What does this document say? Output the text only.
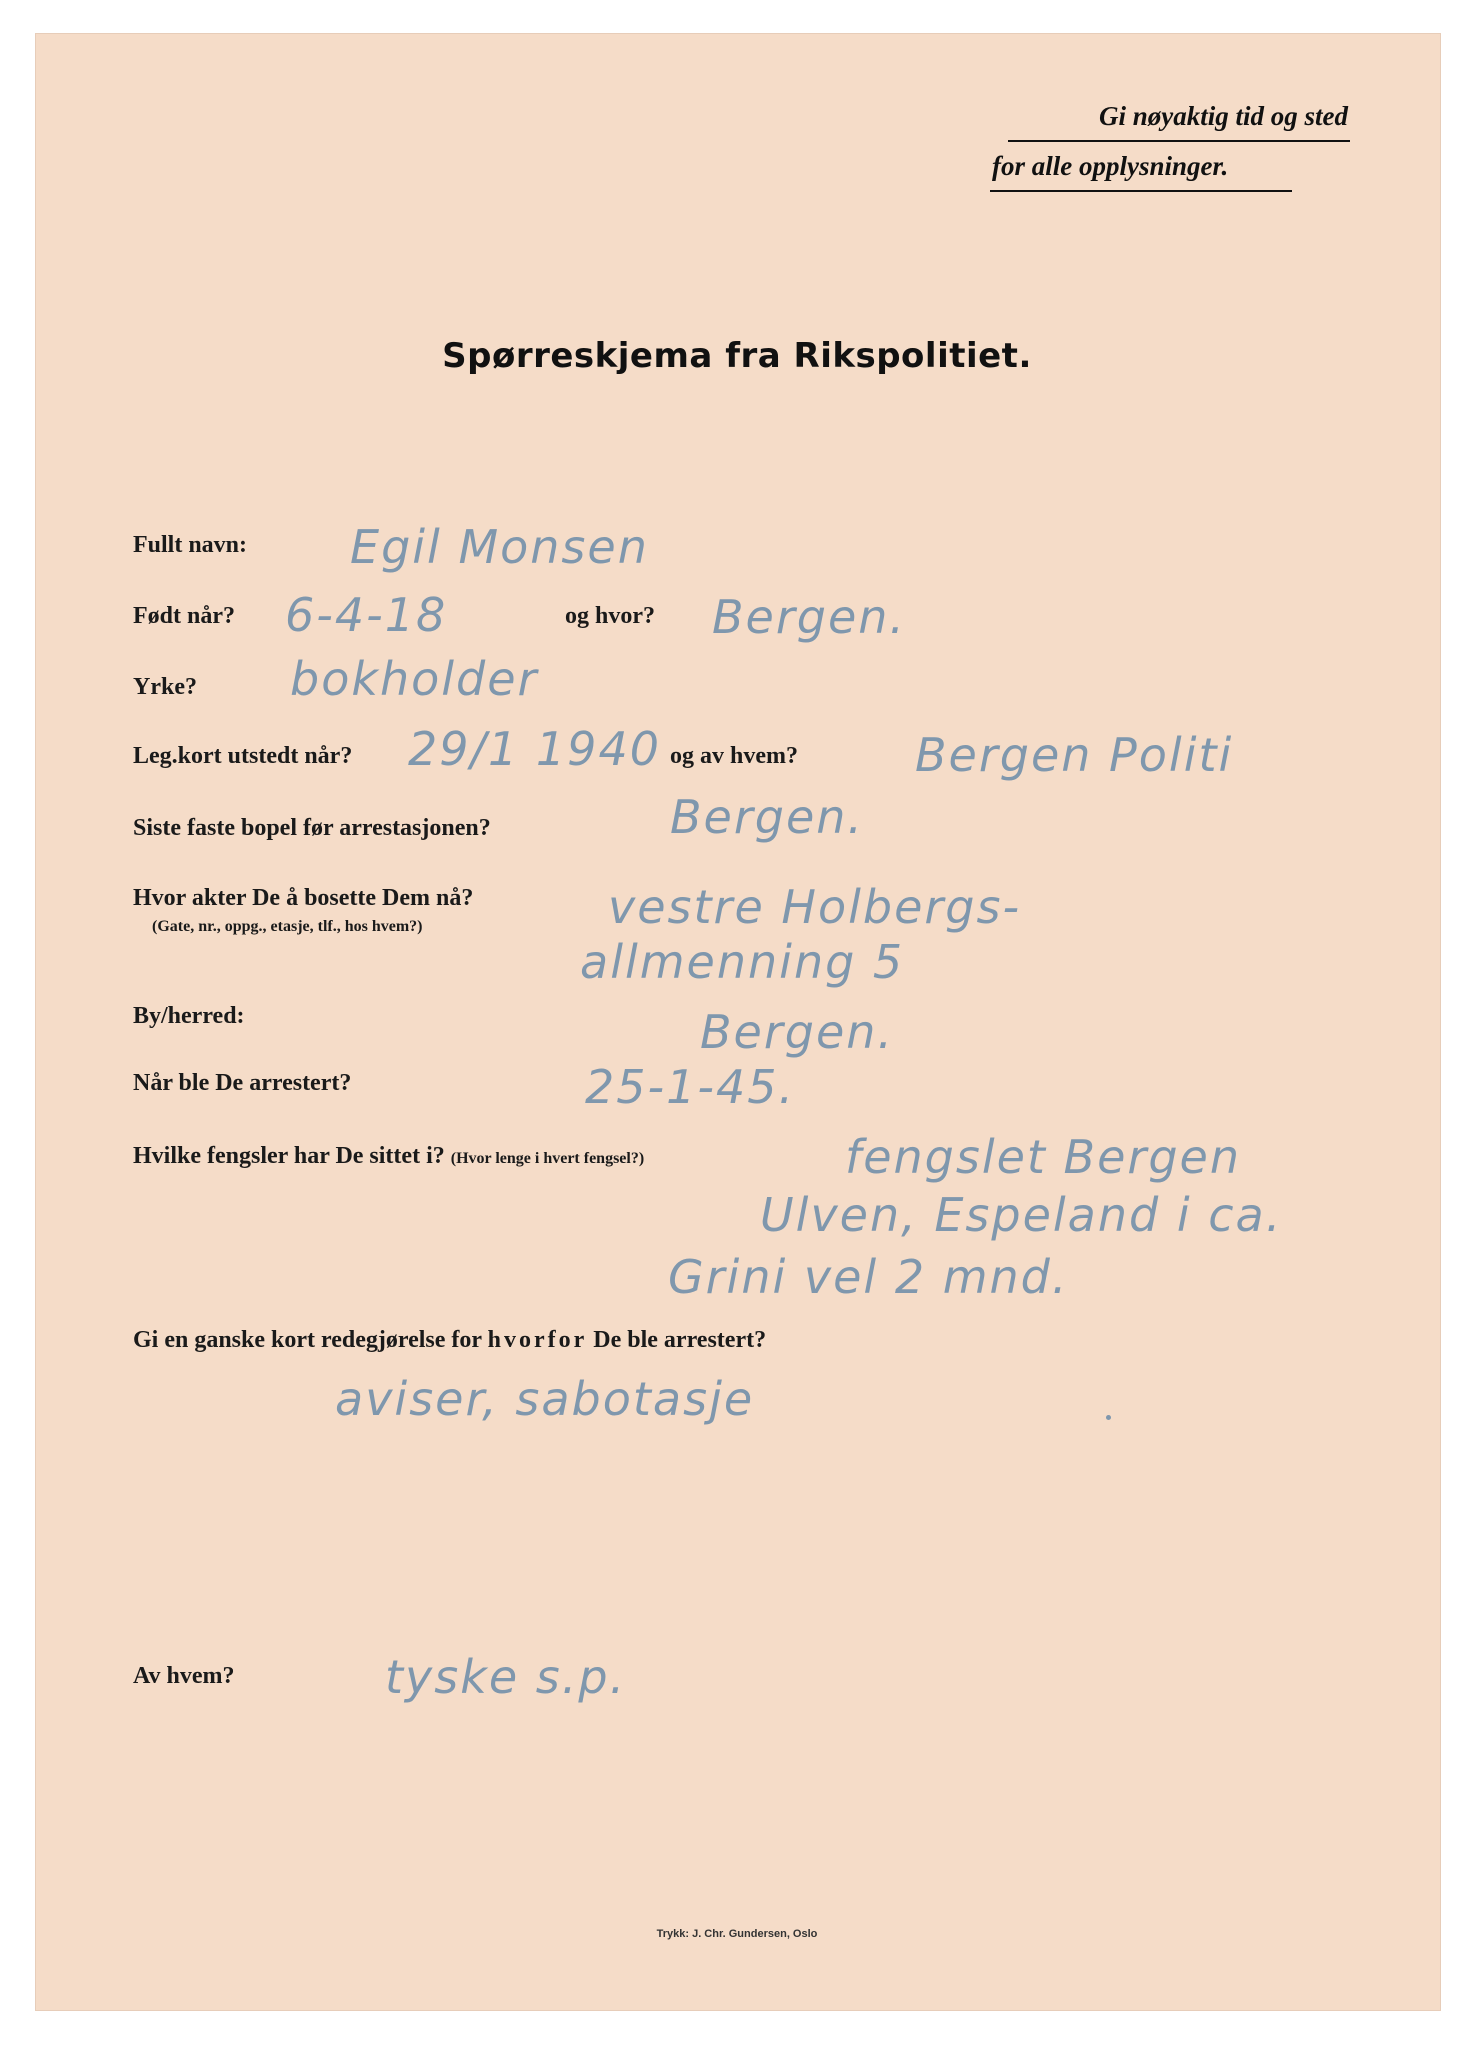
Gi nøyaktig tid og sted
for alle opplysninger.
Spørreskjema fra Rikspolitiet.
Fullt navn: Egil Monsen
Født når? 6-4-18	og hvor? Bergen.
Yrke? bokholder
Leg.kort utstedt når? 29/1 1940 og av hvem?	Bergen Politi
Siste faste bopel før arrestasjonen?	Bergen.
Hvor akter De å bosette Dem nå?
(Gate, nr., oppg., etasje, tlf., hos hvem?)	vestre Holbergs-
allmenning 5
By/herred:	Bergen.
Når ble De arrestert?	25-1-45.
Hvilke fengsler har De sittet i? (Hvor lenge i hvert fengsel?)	fengslet Bergen
Ulven, Espeland i ca.
Grini vel 2 mnd.
Gi en ganske kort redegjørelse for hvorfor De ble arrestert?
aviser, sabotasje
Av hvem?	tyske s.p.
Trykk: J. Chr. Gundersen, Oslo
